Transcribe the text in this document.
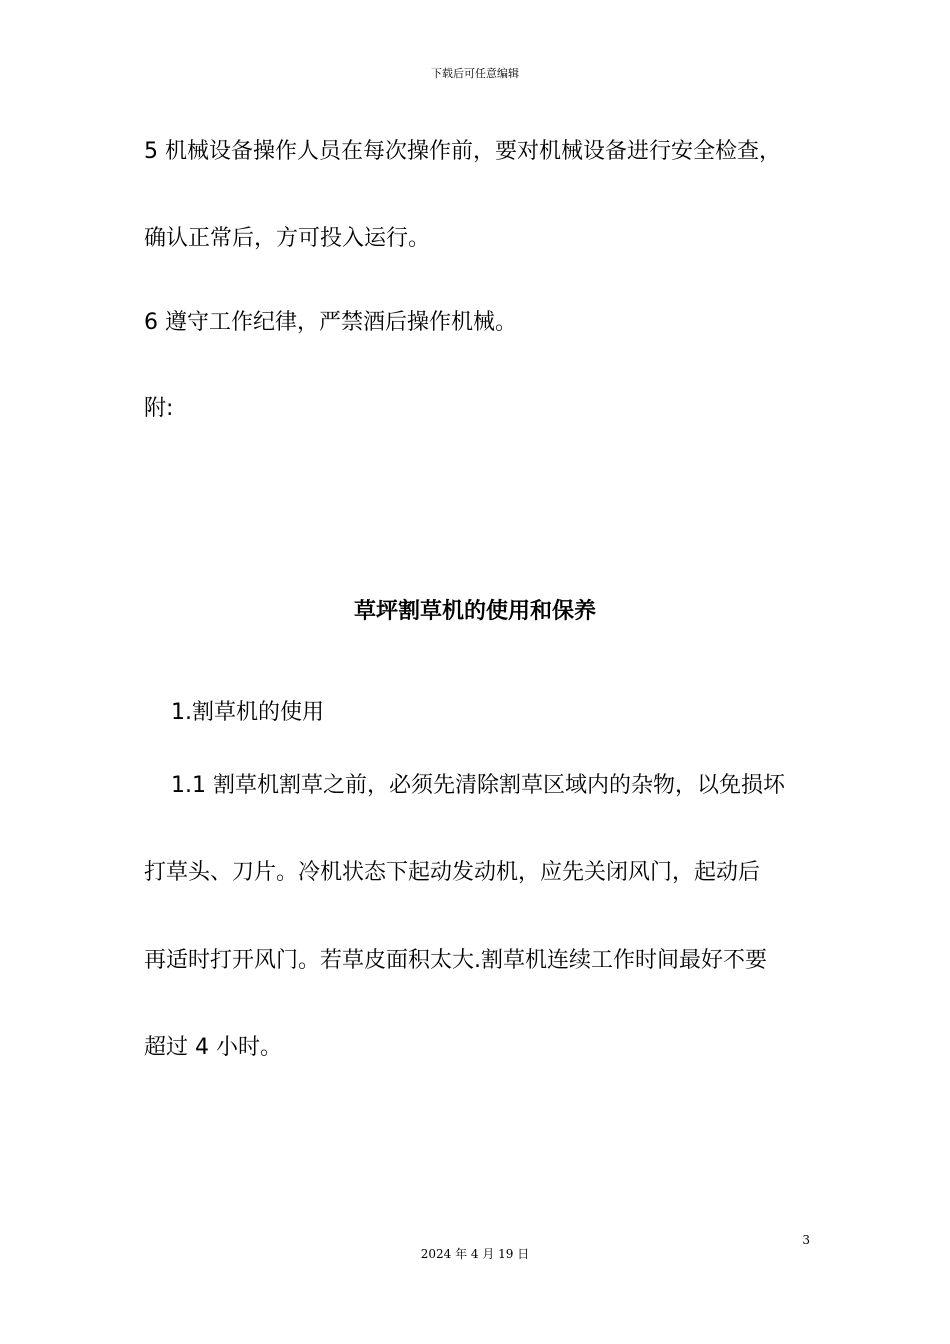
下载后可任意编辑
5 机械设备操作人员在每次操作前，要对机械设备进行安全检查，
确认正常后，方可投入运行。
6 遵守工作纪律，严禁酒后操作机械。
附:
草坪割草机的使用和保养
1.割草机的使用
1.1 割草机割草之前，必须先清除割草区域内的杂物，以免损坏
打草头、刀片。冷机状态下起动发动机，应先关闭风门，起动后
再适时打开风门。若草皮面积太大.割草机连续工作时间最好不要
超过 4 小时。
3
2024 年 4 月 19 日
